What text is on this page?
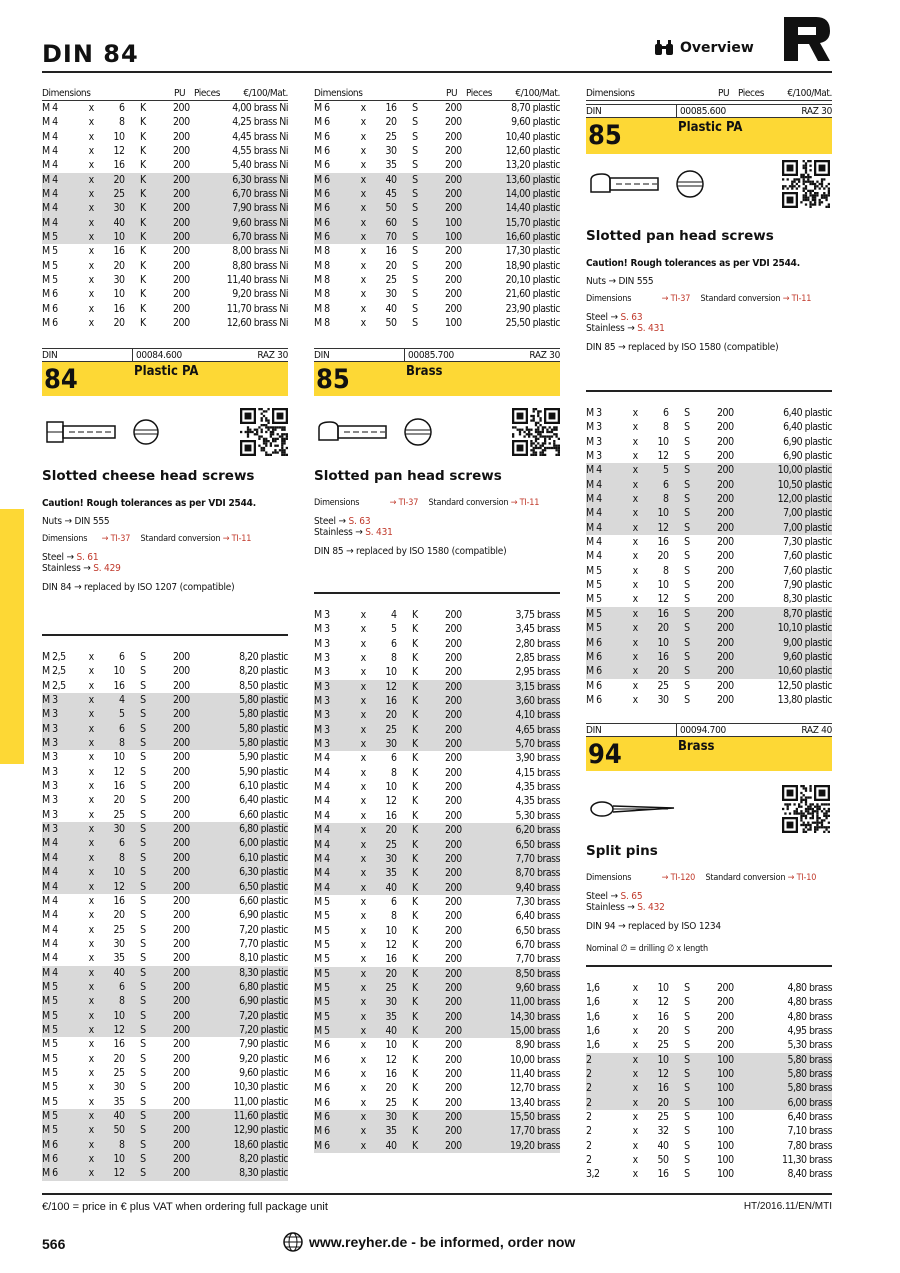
DIN 84	Overview
Dimensions	PU Pieces €/100/Mat.
M 4	x	6	K	200	4,00 brass Ni
M 4	x	8	K	200	4,25 brass Ni
M 4	x	10	K	200	4,45 brass Ni
M 4	x	12	K	200	4,55 brass Ni
M 4	x	16	K	200	5,40 brass Ni
M 4	x	20	K	200	6,30 brass Ni
M 4	x	25	K	200	6,70 brass Ni
M 4	x	30	K	200	7,90 brass Ni
M 4	x	40	K	200	9,60 brass Ni
M 5	x	10	K	200	6,70 brass Ni
M 5	x	16	K	200	8,00 brass Ni
M 5	x	20	K	200	8,80 brass Ni
M 5	x	30	K	200	11,40 brass Ni
M 6	x	10	K	200	9,20 brass Ni
M 6	x	16	K	200	11,70 brass Ni
M 6	x	20	K	200	12,60 brass Ni
DIN	00084.600	RAZ 30
84	Plastic PA
Slotted cheese head screws
Caution! Rough tolerances as per VDI 2544.
Nuts → DIN 555
Dimensions → TI-37 Standard conversion → TI-11
Steel → S. 61
Stainless → S. 429
DIN 84 → replaced by ISO 1207 (compatible)
M 2,5	x	6	S	200	8,20 plastic
M 2,5	x	10	S	200	8,20 plastic
M 2,5	x	16	S	200	8,50 plastic
M 3	x	4	S	200	5,80 plastic
M 3	x	5	S	200	5,80 plastic
M 3	x	6	S	200	5,80 plastic
M 3	x	8	S	200	5,80 plastic
M 3	x	10	S	200	5,90 plastic
M 3	x	12	S	200	5,90 plastic
M 3	x	16	S	200	6,10 plastic
M 3	x	20	S	200	6,40 plastic
M 3	x	25	S	200	6,60 plastic
M 3	x	30	S	200	6,80 plastic
M 4	x	6	S	200	6,00 plastic
M 4	x	8	S	200	6,10 plastic
M 4	x	10	S	200	6,30 plastic
M 4	x	12	S	200	6,50 plastic
M 4	x	16	S	200	6,60 plastic
M 4	x	20	S	200	6,90 plastic
M 4	x	25	S	200	7,20 plastic
M 4	x	30	S	200	7,70 plastic
M 4	x	35	S	200	8,10 plastic
M 4	x	40	S	200	8,30 plastic
M 5	x	6	S	200	6,80 plastic
M 5	x	8	S	200	6,90 plastic
M 5	x	10	S	200	7,20 plastic
M 5	x	12	S	200	7,20 plastic
M 5	x	16	S	200	7,90 plastic
M 5	x	20	S	200	9,20 plastic
M 5	x	25	S	200	9,60 plastic
M 5	x	30	S	200	10,30 plastic
M 5	x	35	S	200	11,00 plastic
M 5	x	40	S	200	11,60 plastic
M 5	x	50	S	200	12,90 plastic
M 6	x	8	S	200	18,60 plastic
M 6	x	10	S	200	8,20 plastic
M 6	x	12	S	200	8,30 plastic
Dimensions	PU Pieces €/100/Mat.
M 6	x	16	S	200	8,70 plastic
M 6	x	20	S	200	9,60 plastic
M 6	x	25	S	200	10,40 plastic
M 6	x	30	S	200	12,60 plastic
M 6	x	35	S	200	13,20 plastic
M 6	x	40	S	200	13,60 plastic
M 6	x	45	S	200	14,00 plastic
M 6	x	50	S	200	14,40 plastic
M 6	x	60	S	100	15,70 plastic
M 6	x	70	S	100	16,60 plastic
M 8	x	16	S	200	17,30 plastic
M 8	x	20	S	200	18,90 plastic
M 8	x	25	S	200	20,10 plastic
M 8	x	30	S	200	21,60 plastic
M 8	x	40	S	200	23,90 plastic
M 8	x	50	S	100	25,50 plastic
DIN	00085.700	RAZ 30
85	Brass
Slotted pan head screws
Dimensions	→ TI-37 Standard conversion → TI-11
Steel → S. 63
Stainless → S. 431
DIN 85 → replaced by ISO 1580 (compatible)
M 3	x	4	K	200	3,75 brass
M 3	x	5	K	200	3,45 brass
M 3	x	6	K	200	2,80 brass
M 3	x	8	K	200	2,85 brass
M 3	x	10	K	200	2,95 brass
M 3	x	12	K	200	3,15 brass
M 3	x	16	K	200	3,60 brass
M 3	x	20	K	200	4,10 brass
M 3	x	25	K	200	4,65 brass
M 3	x	30	K	200	5,70 brass
M 4	x	6	K	200	3,90 brass
M 4	x	8	K	200	4,15 brass
M 4	x	10	K	200	4,35 brass
M 4	x	12	K	200	4,35 brass
M 4	x	16	K	200	5,30 brass
M 4	x	20	K	200	6,20 brass
M 4	x	25	K	200	6,50 brass
M 4	x	30	K	200	7,70 brass
M 4	x	35	K	200	8,70 brass
M 4	x	40	K	200	9,40 brass
M 5	x	6	K	200	7,30 brass
M 5	x	8	K	200	6,40 brass
M 5	x	10	K	200	6,50 brass
M 5	x	12	K	200	6,70 brass
M 5	x	16	K	200	7,70 brass
M 5	x	20	K	200	8,50 brass
M 5	x	25	K	200	9,60 brass
M 5	x	30	K	200	11,00 brass
M 5	x	35	K	200	14,30 brass
M 5	x	40	K	200	15,00 brass
M 6	x	10	K	200	8,90 brass
M 6	x	12	K	200	10,00 brass
M 6	x	16	K	200	11,40 brass
M 6	x	20	K	200	12,70 brass
M 6	x	25	K	200	13,40 brass
M 6	x	30	K	200	15,50 brass
M 6	x	35	K	200	17,70 brass
M 6	x	40	K	200	19,20 brass
Dimensions	PU Pieces €/100/Mat.
DIN	00085.600	RAZ 30
85	Plastic PA
Slotted pan head screws
Caution! Rough tolerances as per VDI 2544.
Nuts → DIN 555
Dimensions	→ TI-37 Standard conversion → TI-11
Steel → S. 63
Stainless → S. 431
DIN 85 → replaced by ISO 1580 (compatible)
M 3	x	6	S	200	6,40 plastic
M 3	x	8	S	200	6,40 plastic
M 3	x	10	S	200	6,90 plastic
M 3	x	12	S	200	6,90 plastic
M 4	x	5	S	200	10,00 plastic
M 4	x	6	S	200	10,50 plastic
M 4	x	8	S	200	12,00 plastic
M 4	x	10	S	200	7,00 plastic
M 4	x	12	S	200	7,00 plastic
M 4	x	16	S	200	7,30 plastic
M 4	x	20	S	200	7,60 plastic
M 5	x	8	S	200	7,60 plastic
M 5	x	10	S	200	7,90 plastic
M 5	x	12	S	200	8,30 plastic
M 5	x	16	S	200	8,70 plastic
M 5	x	20	S	200	10,10 plastic
M 6	x	10	S	200	9,00 plastic
M 6	x	16	S	200	9,60 plastic
M 6	x	20	S	200	10,60 plastic
M 6	x	25	S	200	12,50 plastic
M 6	x	30	S	200	13,80 plastic
DIN	00094.700	RAZ 40
94	Brass
Split pins
Dimensions	→ TI-120 Standard conversion → TI-10
Steel → S. 65
Stainless → S. 432
DIN 94 → replaced by ISO 1234
Nominal ∅ = drilling ∅ x length
1,6	x	10	S	200	4,80 brass
1,6	x	12	S	200	4,80 brass
1,6	x	16	S	200	4,80 brass
1,6	x	20	S	200	4,95 brass
1,6	x	25	S	200	5,30 brass
2	x	10	S	100	5,80 brass
2	x	12	S	100	5,80 brass
2	x	16	S	100	5,80 brass
2	x	20	S	100	6,00 brass
2	x	25	S	100	6,40 brass
2	x	32	S	100	7,10 brass
2	x	40	S	100	7,80 brass
2	x	50	S	100	11,30 brass
3,2	x	16	S	100	8,40 brass
€/100 = price in € plus VAT when ordering full package unit	HT/2016.11/EN/MTI
566	www.reyher.de - be informed, order now
